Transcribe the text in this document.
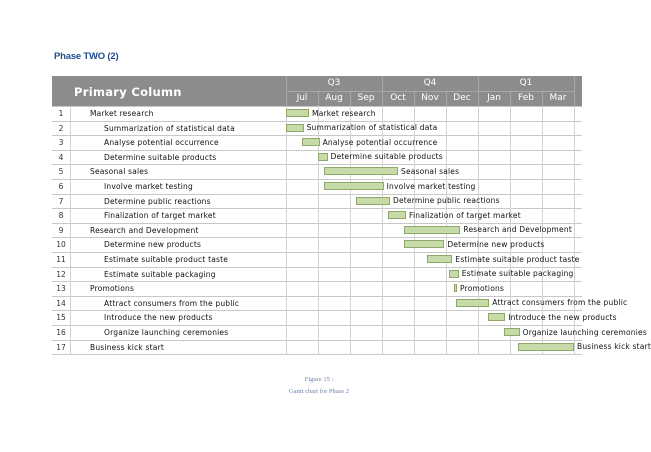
Phase TWO (2)
Primary Column
Q3	Q4	Q1
Jul	Aug	Sep	Oct	Nov	Dec	Jan	Feb	Mar
1	Market research
2	Summarization of statistical data
3	Analyse potential occurrence
4	Determine suitable products
5	Seasonal sales
6	Involve market testing
7	Determine public reactions
8	Finalization of target market
9	Research and Development
10	Determine new products
11	Estimate suitable product taste
12	Estimate suitable packaging
13	Promotions
14	Attract consumers from the public
15	Introduce the new products
16	Organize launching ceremonies
17	Business kick start
Market research
Summarization of statistical data
Analyse potential occurrence
Determine suitable products
Seasonal sales
Involve market testing
Determine public reactions
Finalization of target market
Research and Development
Determine new products
Estimate suitable product taste
Estimate suitable packaging
Promotions
Attract consumers from the public
Introduce the new products
Organize launching ceremonies
Business kick start
Figure 15 :
Gantt chart for Phase 2
